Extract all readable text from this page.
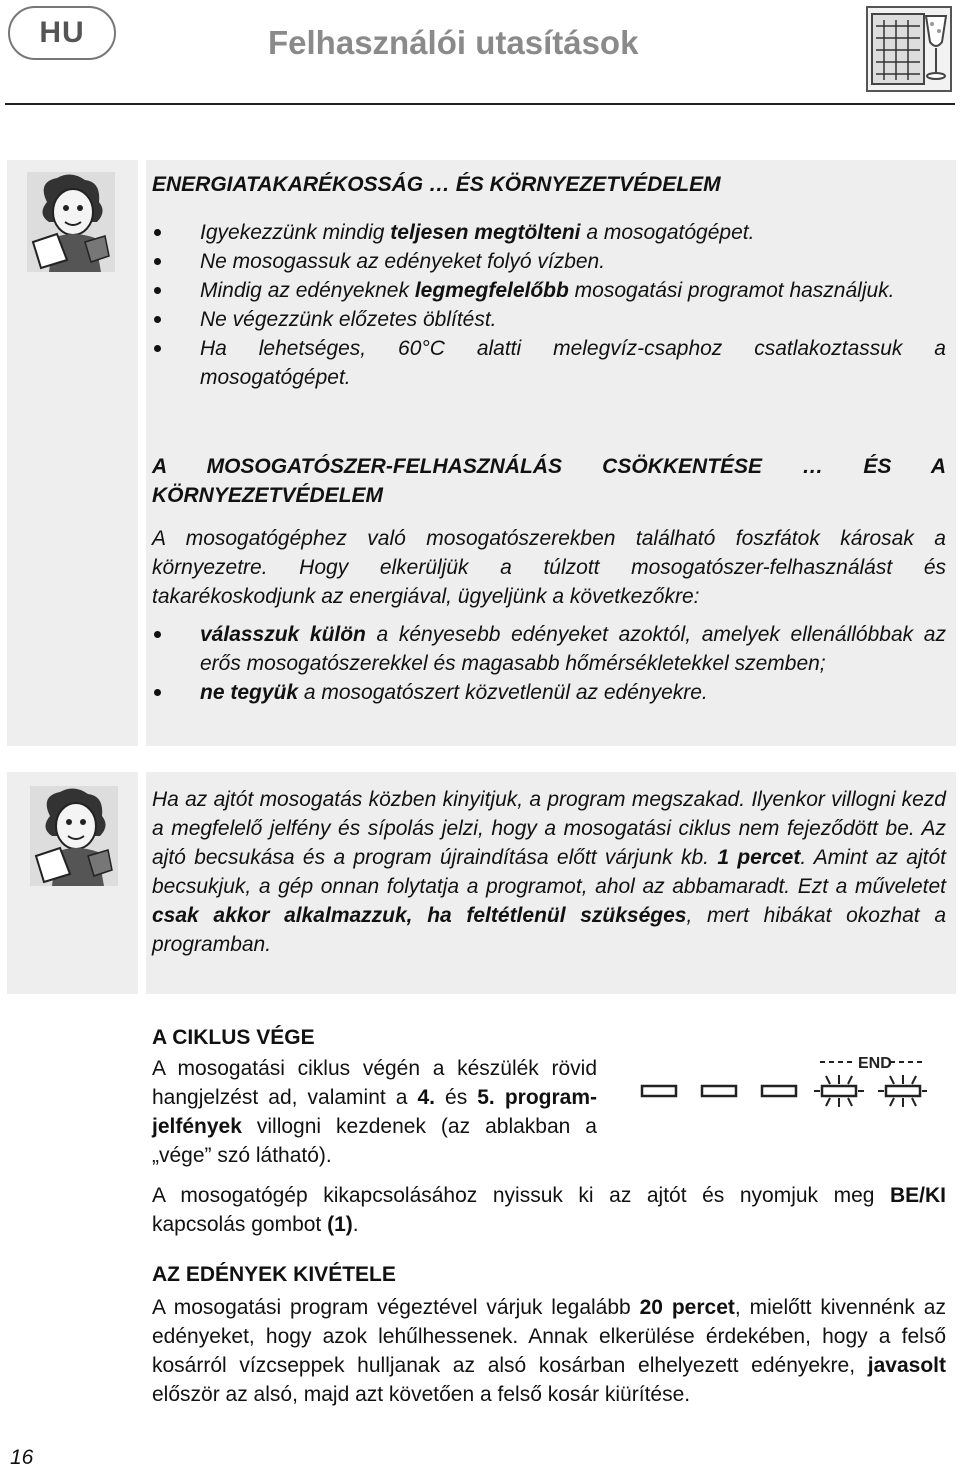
HU	Felhasználói utasítások
ENERGIATAKARÉKOSSÁG … ÉS KÖRNYEZETVÉDELEM
Igyekezzünk mindig teljesen megtölteni a mosogatógépet.
Ne mosogassuk az edényeket folyó vízben.
Mindig az edényeknek legmegfelelőbb mosogatási programot használjuk.
Ne végezzünk előzetes öblítést.
Ha lehetséges, 60°C alatti melegvíz-csaphoz csatlakoztassuk a mosogatógépet.
A MOSOGATÓSZER-FELHASZNÁLÁS CSÖKKENTÉSE … ÉS A KÖRNYEZETVÉDELEM
A mosogatógéphez való mosogatószerekben található foszfátok károsak a környezetre. Hogy elkerüljük a túlzott mosogatószer-felhasználást és takarékoskodjunk az energiával, ügyeljünk a következőkre:
válasszuk külön a kényesebb edényeket azoktól, amelyek ellenállóbbak az erős mosogatószerekkel és magasabb hőmérsékletekkel szemben;
ne tegyük a mosogatószert közvetlenül az edényekre.
Ha az ajtót mosogatás közben kinyitjuk, a program megszakad. Ilyenkor villogni kezd a megfelelő jelfény és sípolás jelzi, hogy a mosogatási ciklus nem fejeződött be. Az ajtó becsukása és a program újraindítása előtt várjunk kb. 1 percet. Amint az ajtót becsukjuk, a gép onnan folytatja a programot, ahol az abbamaradt. Ezt a műveletet csak akkor alkalmazzuk, ha feltétlenül szükséges, mert hibákat okozhat a programban.
A CIKLUS VÉGE
A mosogatási ciklus végén a készülék rövid hangjelzést ad, valamint a 4. és 5. program-jelfények villogni kezdenek (az ablakban a „vége” szó látható).
END
A mosogatógép kikapcsolásához nyissuk ki az ajtót és nyomjuk meg BE/KI kapcsolás gombot (1).
AZ EDÉNYEK KIVÉTELE
A mosogatási program végeztével várjuk legalább 20 percet, mielőtt kivennénk az edényeket, hogy azok lehűlhessenek. Annak elkerülése érdekében, hogy a felső kosárról vízcseppek hulljanak az alsó kosárban elhelyezett edényekre, javasolt először az alsó, majd azt követően a felső kosár kiürítése.
16
